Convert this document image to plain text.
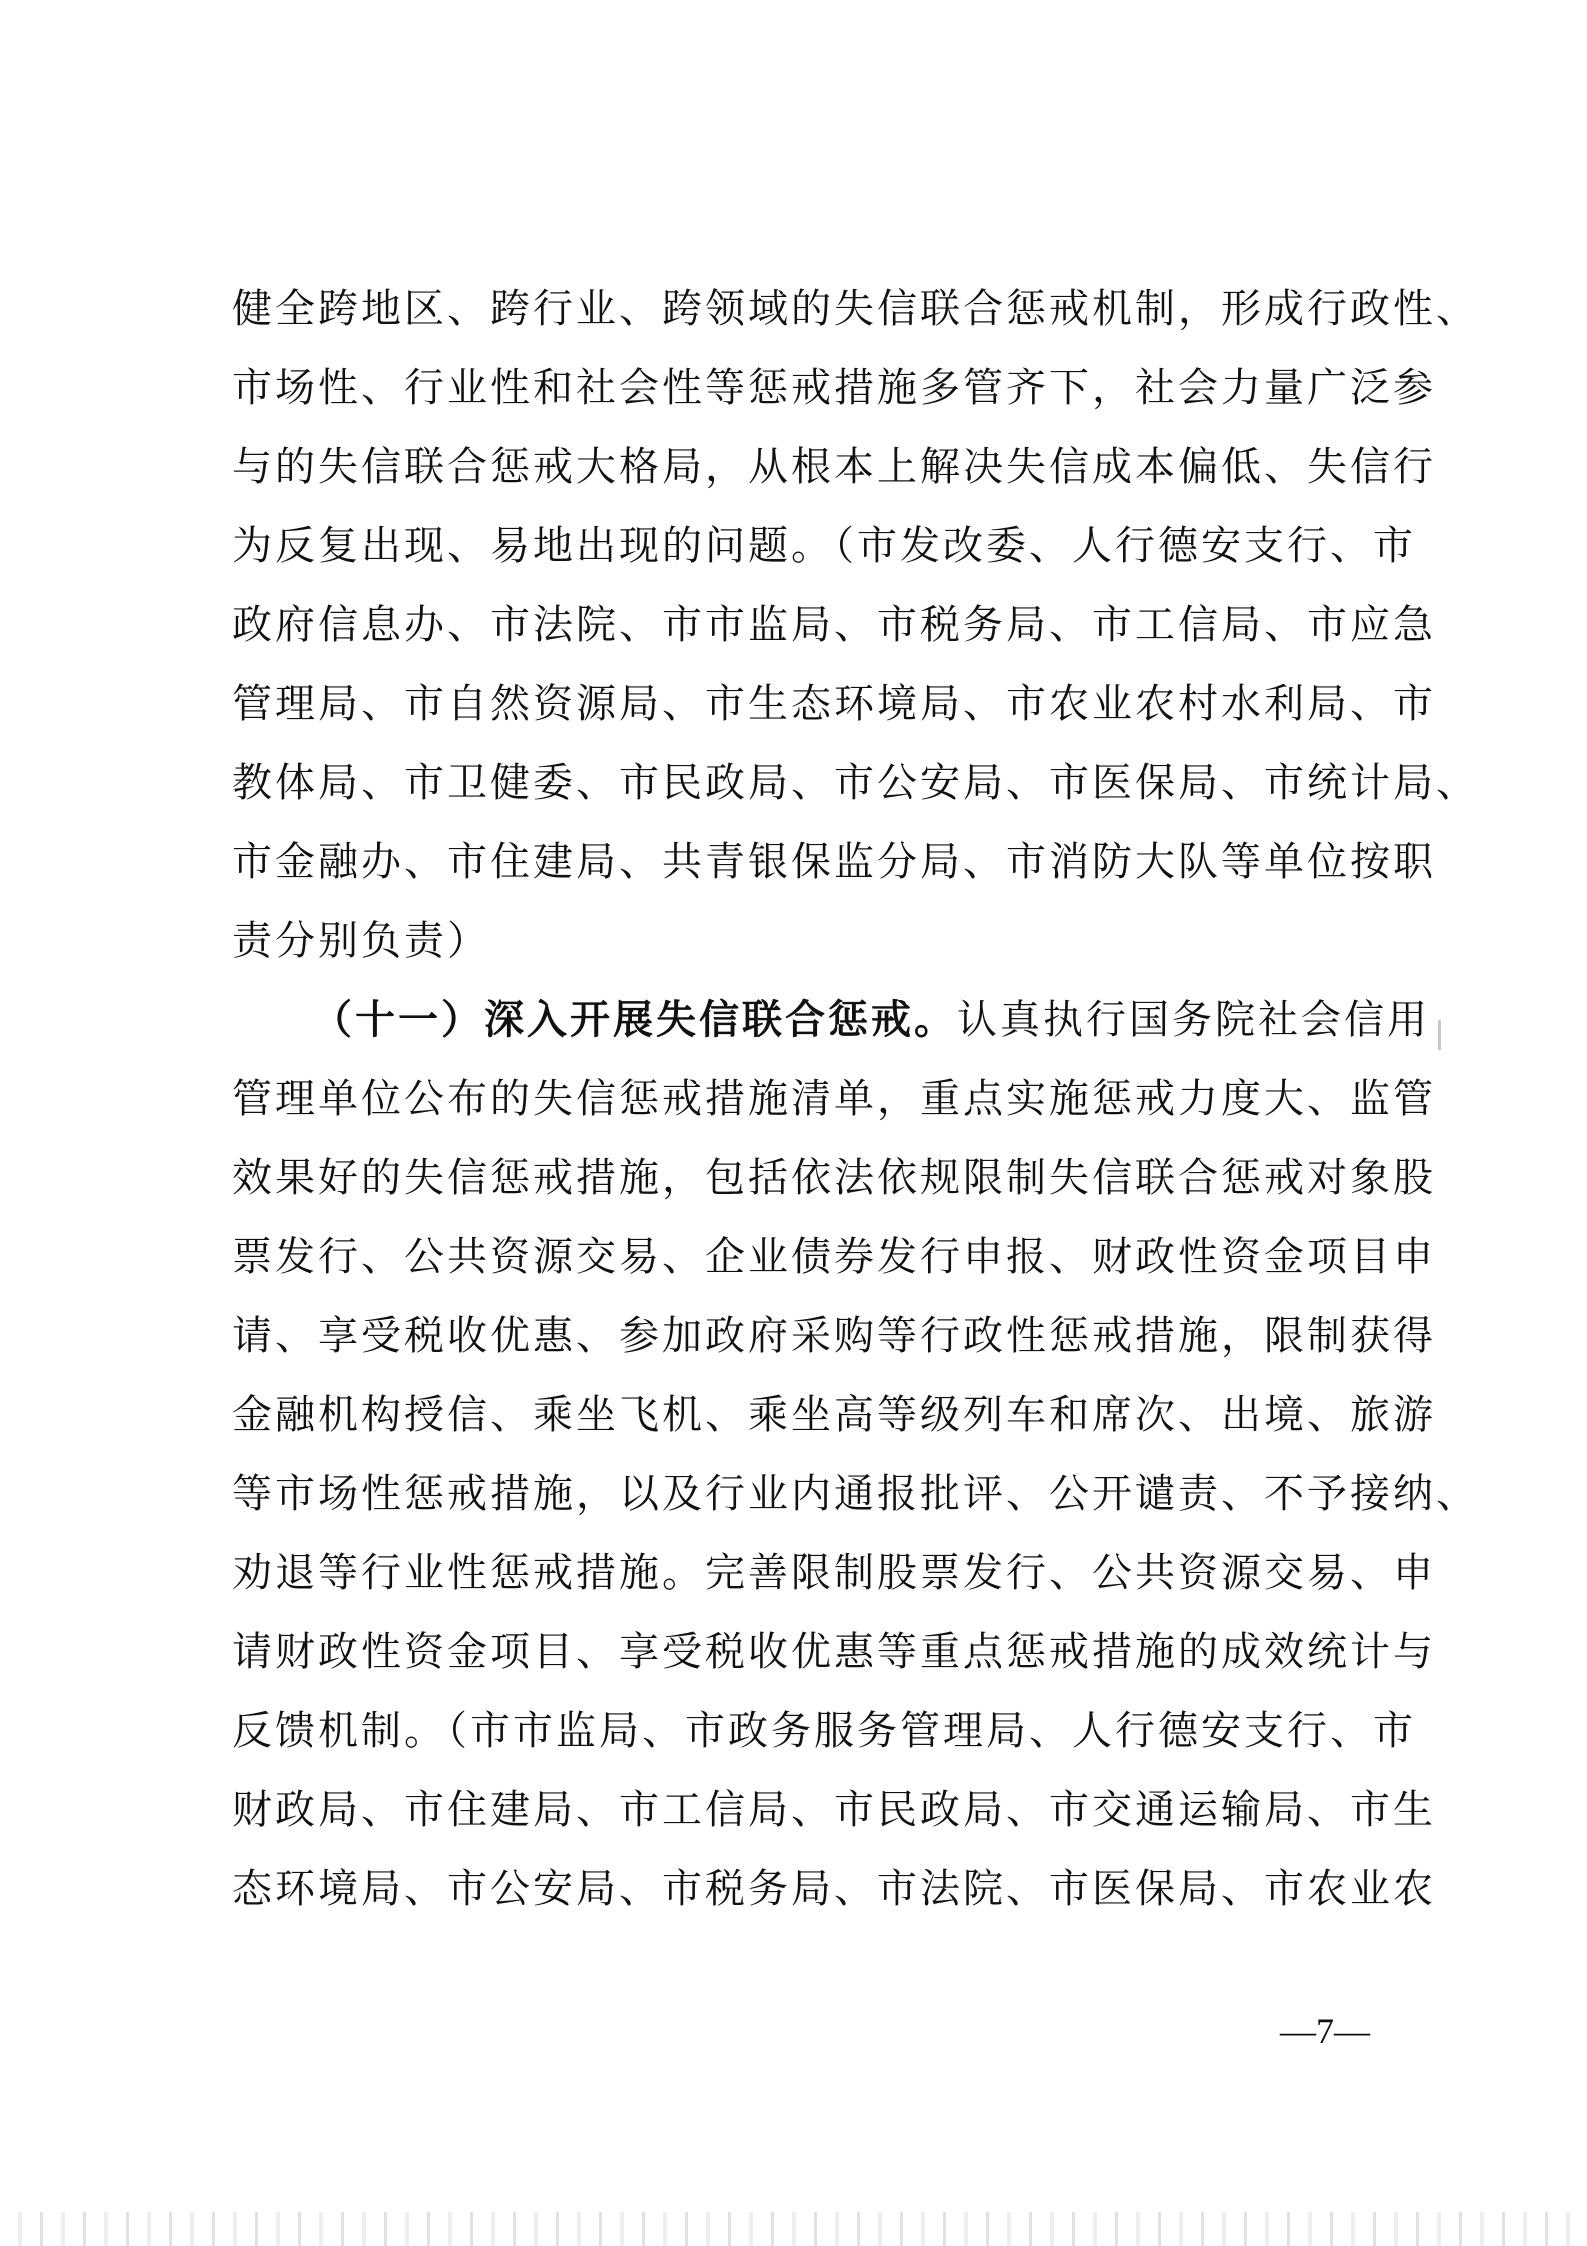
健全跨地区、跨行业、跨领域的失信联合惩戒机制，形成行政性、
市场性、行业性和社会性等惩戒措施多管齐下，社会力量广泛参
与的失信联合惩戒大格局，从根本上解决失信成本偏低、失信行
为反复出现、易地出现的问题。（市发改委、人行德安支行、市
政府信息办、市法院、市市监局、市税务局、市工信局、市应急
管理局、市自然资源局、市生态环境局、市农业农村水利局、市
教体局、市卫健委、市民政局、市公安局、市医保局、市统计局、
市金融办、市住建局、共青银保监分局、市消防大队等单位按职
责分别负责）
（十一）深入开展失信联合惩戒。认真执行国务院社会信用
管理单位公布的失信惩戒措施清单，重点实施惩戒力度大、监管
效果好的失信惩戒措施，包括依法依规限制失信联合惩戒对象股
票发行、公共资源交易、企业债券发行申报、财政性资金项目申
请、享受税收优惠、参加政府采购等行政性惩戒措施，限制获得
金融机构授信、乘坐飞机、乘坐高等级列车和席次、出境、旅游
等市场性惩戒措施，以及行业内通报批评、公开谴责、不予接纳、
劝退等行业性惩戒措施。完善限制股票发行、公共资源交易、申
请财政性资金项目、享受税收优惠等重点惩戒措施的成效统计与
反馈机制。（市市监局、市政务服务管理局、人行德安支行、市
财政局、市住建局、市工信局、市民政局、市交通运输局、市生
态环境局、市公安局、市税务局、市法院、市医保局、市农业农
—7—
